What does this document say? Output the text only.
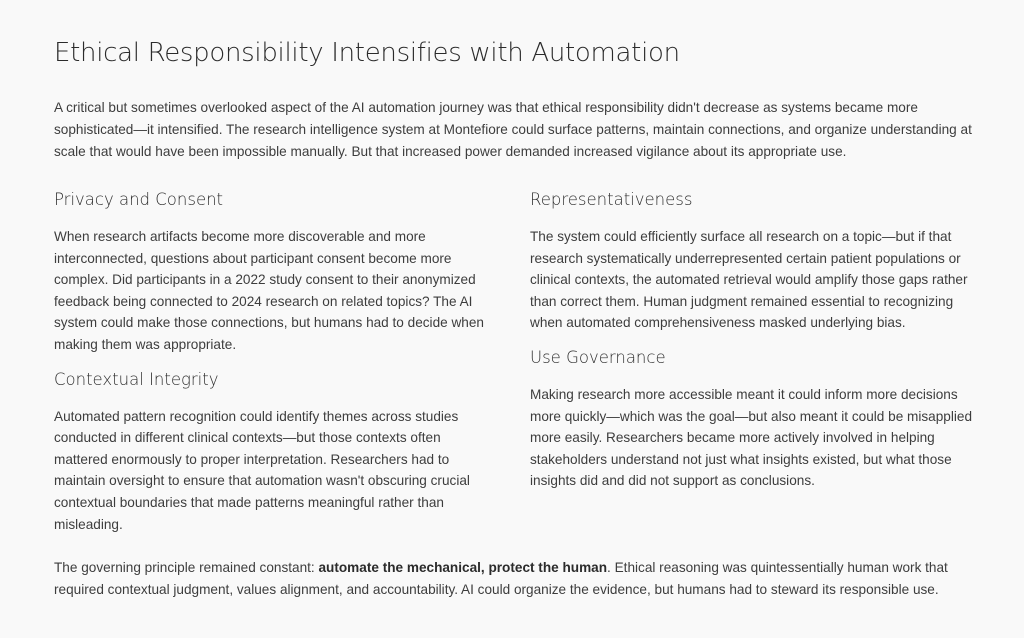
Ethical Responsibility Intensifies with Automation

A critical but sometimes overlooked aspect of the AI automation journey was that ethical responsibility didn't decrease as systems became more sophisticated—it intensified. The research intelligence system at Montefiore could surface patterns, maintain connections, and organize understanding at scale that would have been impossible manually. But that increased power demanded increased vigilance about its appropriate use.

Privacy and Consent

When research artifacts become more discoverable and more interconnected, questions about participant consent become more complex. Did participants in a 2022 study consent to their anonymized feedback being connected to 2024 research on related topics? The AI system could make those connections, but humans had to decide when making them was appropriate.

Contextual Integrity

Automated pattern recognition could identify themes across studies conducted in different clinical contexts—but those contexts often mattered enormously to proper interpretation. Researchers had to maintain oversight to ensure that automation wasn't obscuring crucial contextual boundaries that made patterns meaningful rather than misleading.

Representativeness

The system could efficiently surface all research on a topic—but if that research systematically underrepresented certain patient populations or clinical contexts, the automated retrieval would amplify those gaps rather than correct them. Human judgment remained essential to recognizing when automated comprehensiveness masked underlying bias.

Use Governance

Making research more accessible meant it could inform more decisions more quickly—which was the goal—but also meant it could be misapplied more easily. Researchers became more actively involved in helping stakeholders understand not just what insights existed, but what those insights did and did not support as conclusions.

The governing principle remained constant: automate the mechanical, protect the human. Ethical reasoning was quintessentially human work that required contextual judgment, values alignment, and accountability. AI could organize the evidence, but humans had to steward its responsible use.
